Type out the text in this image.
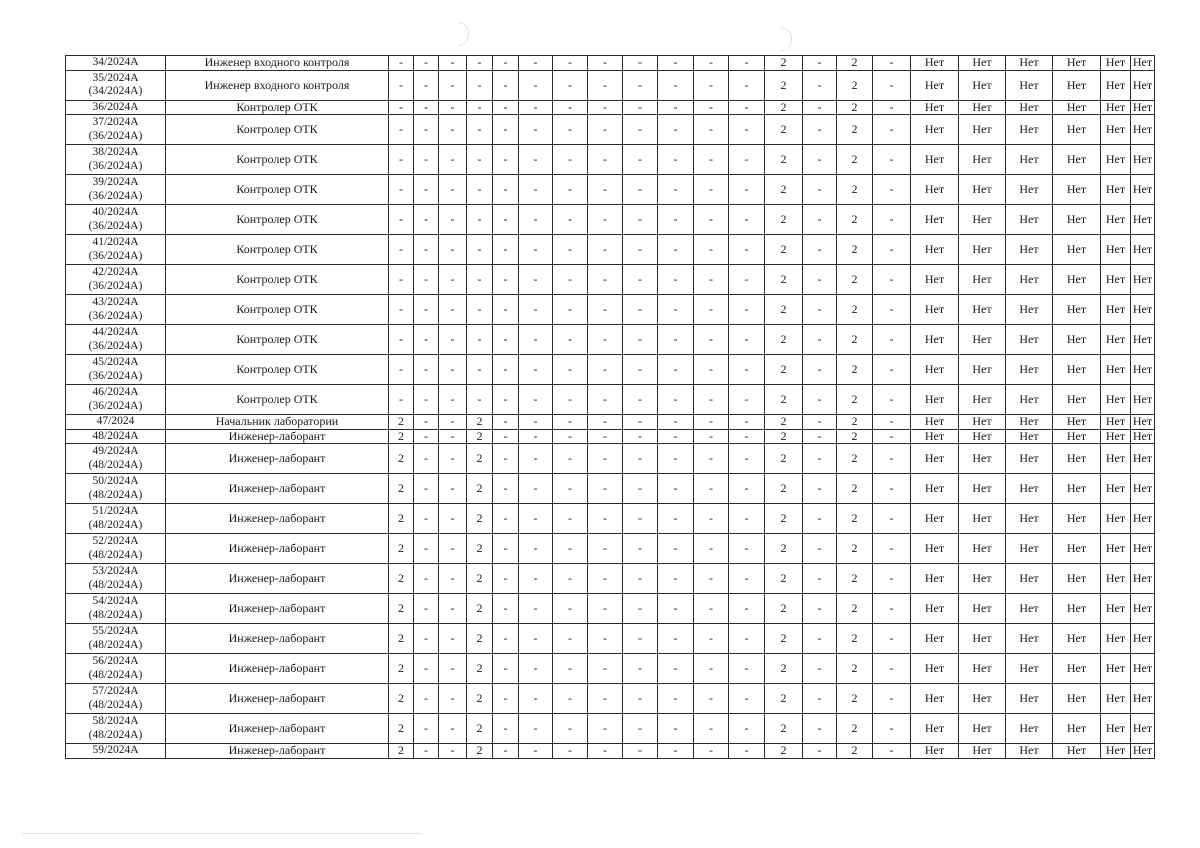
34/2024А	Инженер входного контроля	-	-	-	-	-	-	-	-	-	-	-	-	2	-	2	-	Нет	Нет	Нет	Нет	Нет	Нет

35/2024А
(34/2024А)	Инженер входного контроля	-	-	-	-	-	-	-	-	-	-	-	-	2	-	2	-	Нет	Нет	Нет	Нет	Нет	Нет

36/2024А	Контролер ОТК	-	-	-	-	-	-	-	-	-	-	-	-	2	-	2	-	Нет	Нет	Нет	Нет	Нет	Нет

37/2024А
(36/2024А)	Контролер ОТК	-	-	-	-	-	-	-	-	-	-	-	-	2	-	2	-	Нет	Нет	Нет	Нет	Нет	Нет

38/2024А
(36/2024А)	Контролер ОТК	-	-	-	-	-	-	-	-	-	-	-	-	2	-	2	-	Нет	Нет	Нет	Нет	Нет	Нет

39/2024А
(36/2024А)	Контролер ОТК	-	-	-	-	-	-	-	-	-	-	-	-	2	-	2	-	Нет	Нет	Нет	Нет	Нет	Нет

40/2024А
(36/2024А)	Контролер ОТК	-	-	-	-	-	-	-	-	-	-	-	-	2	-	2	-	Нет	Нет	Нет	Нет	Нет	Нет

41/2024А
(36/2024А)	Контролер ОТК	-	-	-	-	-	-	-	-	-	-	-	-	2	-	2	-	Нет	Нет	Нет	Нет	Нет	Нет

42/2024А
(36/2024А)	Контролер ОТК	-	-	-	-	-	-	-	-	-	-	-	-	2	-	2	-	Нет	Нет	Нет	Нет	Нет	Нет

43/2024А
(36/2024А)	Контролер ОТК	-	-	-	-	-	-	-	-	-	-	-	-	2	-	2	-	Нет	Нет	Нет	Нет	Нет	Нет

44/2024А
(36/2024А)	Контролер ОТК	-	-	-	-	-	-	-	-	-	-	-	-	2	-	2	-	Нет	Нет	Нет	Нет	Нет	Нет

45/2024А
(36/2024А)	Контролер ОТК	-	-	-	-	-	-	-	-	-	-	-	-	2	-	2	-	Нет	Нет	Нет	Нет	Нет	Нет

46/2024А
(36/2024А)	Контролер ОТК	-	-	-	-	-	-	-	-	-	-	-	-	2	-	2	-	Нет	Нет	Нет	Нет	Нет	Нет

47/2024	Начальник лаборатории	2	-	-	2	-	-	-	-	-	-	-	-	2	-	2	-	Нет	Нет	Нет	Нет	Нет	Нет

48/2024А	Инженер-лаборант	2	-	-	2	-	-	-	-	-	-	-	-	2	-	2	-	Нет	Нет	Нет	Нет	Нет	Нет

49/2024А
(48/2024А)	Инженер-лаборант	2	-	-	2	-	-	-	-	-	-	-	-	2	-	2	-	Нет	Нет	Нет	Нет	Нет	Нет

50/2024А
(48/2024А)	Инженер-лаборант	2	-	-	2	-	-	-	-	-	-	-	-	2	-	2	-	Нет	Нет	Нет	Нет	Нет	Нет

51/2024А
(48/2024А)	Инженер-лаборант	2	-	-	2	-	-	-	-	-	-	-	-	2	-	2	-	Нет	Нет	Нет	Нет	Нет	Нет

52/2024А
(48/2024А)	Инженер-лаборант	2	-	-	2	-	-	-	-	-	-	-	-	2	-	2	-	Нет	Нет	Нет	Нет	Нет	Нет

53/2024А
(48/2024А)	Инженер-лаборант	2	-	-	2	-	-	-	-	-	-	-	-	2	-	2	-	Нет	Нет	Нет	Нет	Нет	Нет

54/2024А
(48/2024А)	Инженер-лаборант	2	-	-	2	-	-	-	-	-	-	-	-	2	-	2	-	Нет	Нет	Нет	Нет	Нет	Нет

55/2024А
(48/2024А)	Инженер-лаборант	2	-	-	2	-	-	-	-	-	-	-	-	2	-	2	-	Нет	Нет	Нет	Нет	Нет	Нет

56/2024А
(48/2024А)	Инженер-лаборант	2	-	-	2	-	-	-	-	-	-	-	-	2	-	2	-	Нет	Нет	Нет	Нет	Нет	Нет

57/2024А
(48/2024А)	Инженер-лаборант	2	-	-	2	-	-	-	-	-	-	-	-	2	-	2	-	Нет	Нет	Нет	Нет	Нет	Нет

58/2024А
(48/2024А)	Инженер-лаборант	2	-	-	2	-	-	-	-	-	-	-	-	2	-	2	-	Нет	Нет	Нет	Нет	Нет	Нет

59/2024А	Инженер-лаборант	2	-	-	2	-	-	-	-	-	-	-	-	2	-	2	-	Нет	Нет	Нет	Нет	Нет	Нет
